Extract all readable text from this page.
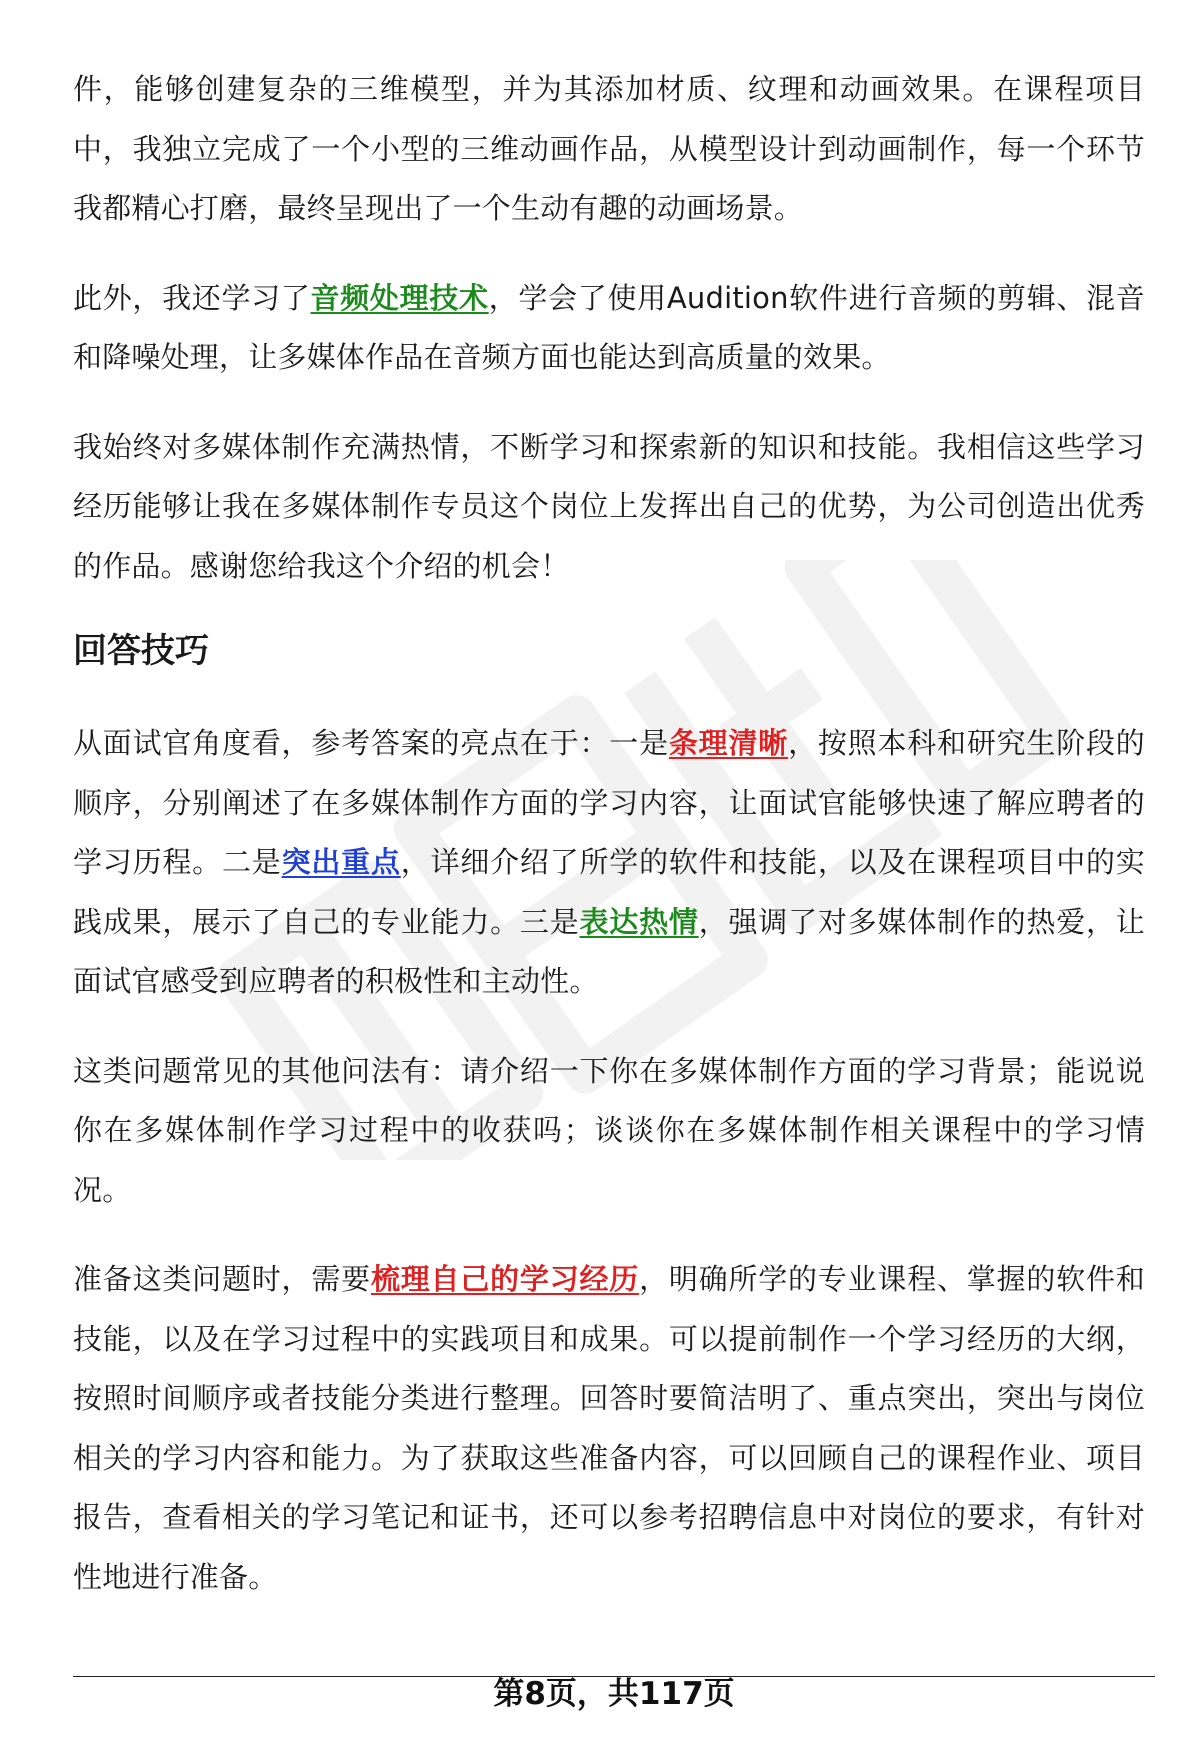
件，能够创建复杂的三维模型，并为其添加材质、纹理和动画效果。在课程项目中，我独立完成了一个小型的三维动画作品，从模型设计到动画制作，每一个环节我都精心打磨，最终呈现出了一个生动有趣的动画场景。

此外，我还学习了音频处理技术，学会了使用Audition软件进行音频的剪辑、混音和降噪处理，让多媒体作品在音频方面也能达到高质量的效果。

我始终对多媒体制作充满热情，不断学习和探索新的知识和技能。我相信这些学习经历能够让我在多媒体制作专员这个岗位上发挥出自己的优势，为公司创造出优秀的作品。感谢您给我这个介绍的机会！

回答技巧

从面试官角度看，参考答案的亮点在于：一是条理清晰，按照本科和研究生阶段的顺序，分别阐述了在多媒体制作方面的学习内容，让面试官能够快速了解应聘者的学习历程。二是突出重点，详细介绍了所学的软件和技能，以及在课程项目中的实践成果，展示了自己的专业能力。三是表达热情，强调了对多媒体制作的热爱，让面试官感受到应聘者的积极性和主动性。

这类问题常见的其他问法有：请介绍一下你在多媒体制作方面的学习背景；能说说你在多媒体制作学习过程中的收获吗；谈谈你在多媒体制作相关课程中的学习情况。

准备这类问题时，需要梳理自己的学习经历，明确所学的专业课程、掌握的软件和技能，以及在学习过程中的实践项目和成果。可以提前制作一个学习经历的大纲，按照时间顺序或者技能分类进行整理。回答时要简洁明了、重点突出，突出与岗位相关的学习内容和能力。为了获取这些准备内容，可以回顾自己的课程作业、项目报告，查看相关的学习笔记和证书，还可以参考招聘信息中对岗位的要求，有针对性地进行准备。

第8页，共117页
